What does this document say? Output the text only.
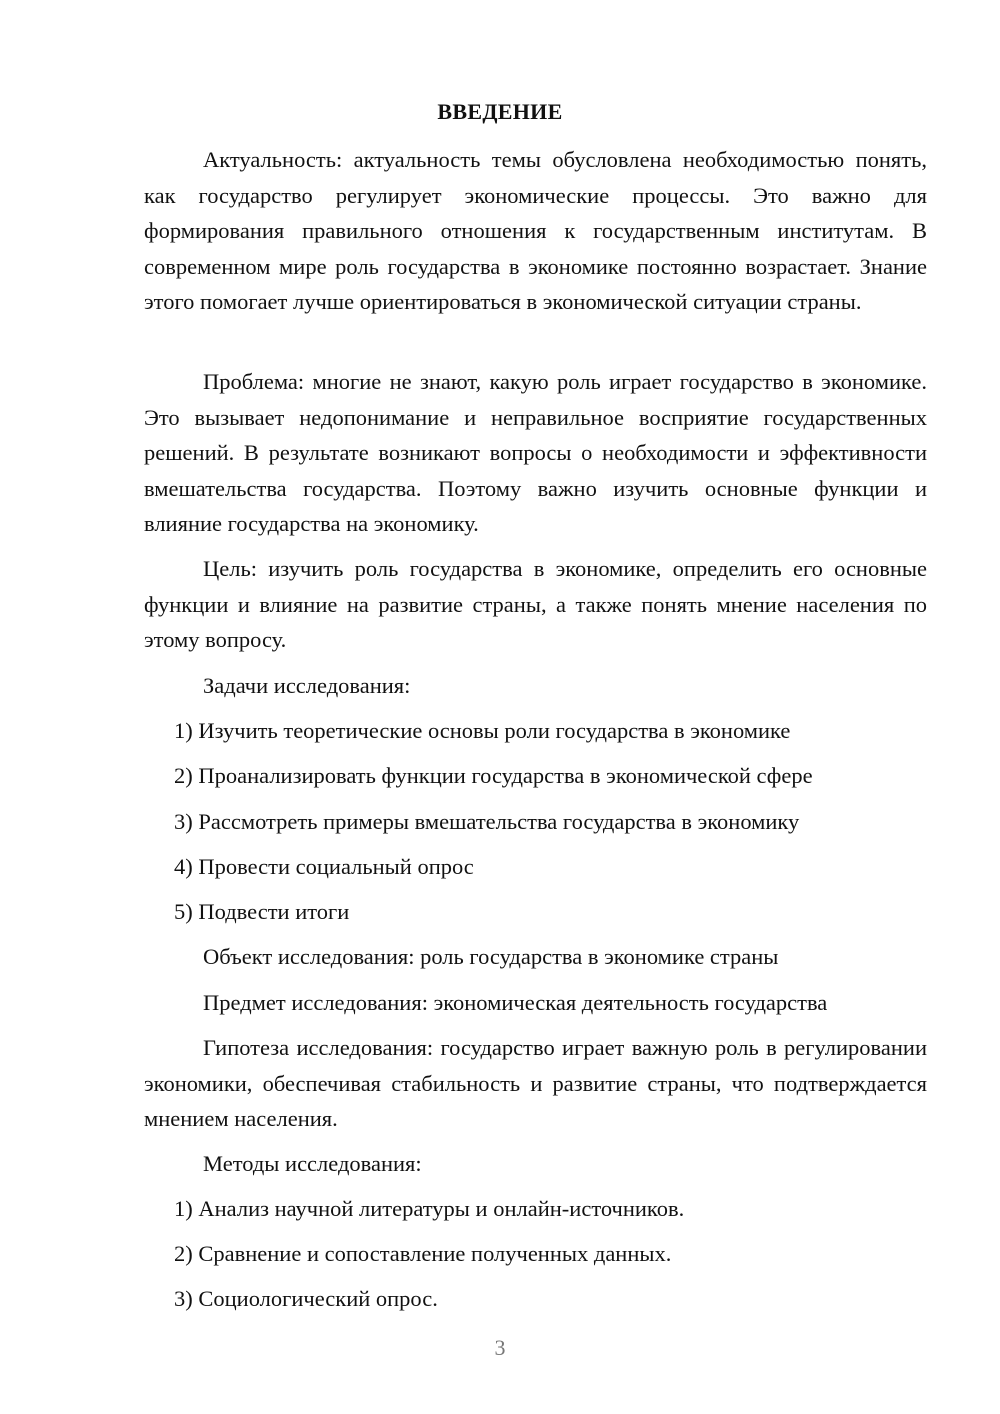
ВВЕДЕНИЕ

Актуальность: актуальность темы обусловлена необходимостью понять, как государство регулирует экономические процессы. Это важно для формирования правильного отношения к государственным институтам. В современном мире роль государства в экономике постоянно возрастает. Знание этого помогает лучше ориентироваться в экономической ситуации страны.

Проблема: многие не знают, какую роль играет государство в экономике. Это вызывает недопонимание и неправильное восприятие государственных решений. В результате возникают вопросы о необходимости и эффективности вмешательства государства. Поэтому важно изучить основные функции и влияние государства на экономику.

Цель: изучить роль государства в экономике, определить его основные функции и влияние на развитие страны, а также понять мнение населения по этому вопросу.

Задачи исследования:

1) Изучить теоретические основы роли государства в экономике

2) Проанализировать функции государства в экономической сфере

3) Рассмотреть примеры вмешательства государства в экономику

4) Провести социальный опрос

5) Подвести итоги

Объект исследования: роль государства в экономике страны

Предмет исследования: экономическая деятельность государства

Гипотеза исследования: государство играет важную роль в регулировании экономики, обеспечивая стабильность и развитие страны, что подтверждается мнением населения.

Методы исследования:

1) Анализ научной литературы и онлайн-источников.

2) Сравнение и сопоставление полученных данных.

3) Социологический опрос.

3
